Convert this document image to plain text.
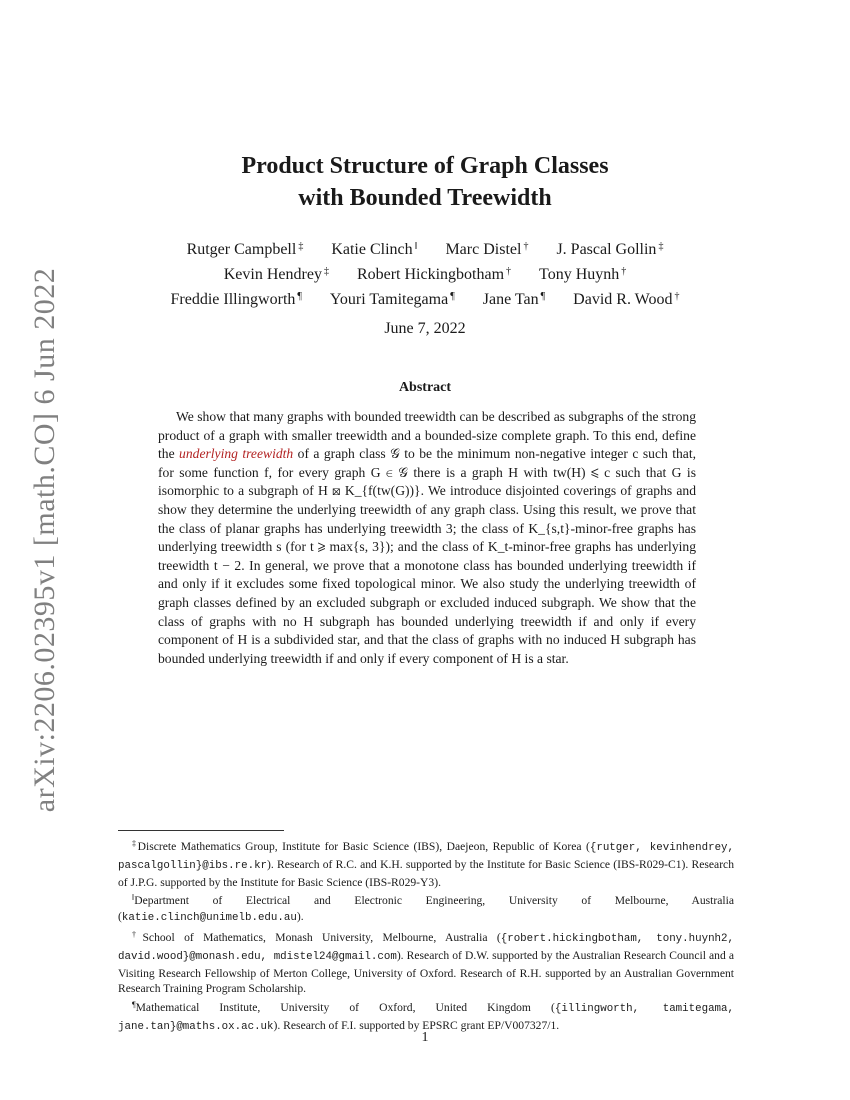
arXiv:2206.02395v1 [math.CO] 6 Jun 2022
Product Structure of Graph Classes
with Bounded Treewidth
Rutger Campbell ‡ Katie Clinch ‖ Marc Distel † J. Pascal Gollin ‡
Kevin Hendrey ‡ Robert Hickingbotham † Tony Huynh †
Freddie Illingworth ¶ Youri Tamitegama ¶ Jane Tan ¶ David R. Wood †
June 7, 2022
Abstract

We show that many graphs with bounded treewidth can be described as subgraphs of the strong product of a graph with smaller treewidth and a bounded-size complete graph. To this end, define the underlying treewidth of a graph class 𝒢 to be the minimum non-negative integer c such that, for some function f, for every graph G ∈ 𝒢 there is a graph H with tw(H) ⩽ c such that G is isomorphic to a subgraph of H ⊠ K_{f(tw(G))}. We introduce disjointed coverings of graphs and show they determine the underlying treewidth of any graph class. Using this result, we prove that the class of planar graphs has underlying treewidth 3; the class of K_{s,t}-minor-free graphs has underlying treewidth s (for t ⩾ max{s, 3}); and the class of K_t-minor-free graphs has underlying treewidth t − 2. In general, we prove that a monotone class has bounded underlying treewidth if and only if it excludes some fixed topological minor. We also study the underlying treewidth of graph classes defined by an excluded subgraph or excluded induced subgraph. We show that the class of graphs with no H subgraph has bounded underlying treewidth if and only if every component of H is a subdivided star, and that the class of graphs with no induced H subgraph has bounded underlying treewidth if and only if every component of H is a star.

‡Discrete Mathematics Group, Institute for Basic Science (IBS), Daejeon, Republic of Korea ({rutger, kevinhendrey, pascalgollin}@ibs.re.kr). Research of R.C. and K.H. supported by the Institute for Basic Science (IBS-R029-C1). Research of J.P.G. supported by the Institute for Basic Science (IBS-R029-Y3).

‖Department of Electrical and Electronic Engineering, University of Melbourne, Australia (katie.clinch@unimelb.edu.au).

†School of Mathematics, Monash University, Melbourne, Australia ({robert.hickingbotham, tony.huynh2, david.wood}@monash.edu, mdistel24@gmail.com). Research of D.W. supported by the Australian Research Council and a Visiting Research Fellowship of Merton College, University of Oxford. Research of R.H. supported by an Australian Government Research Training Program Scholarship.

¶Mathematical Institute, University of Oxford, United Kingdom ({illingworth, tamitegama, jane.tan}@maths.ox.ac.uk). Research of F.I. supported by EPSRC grant EP/V007327/1.

1
